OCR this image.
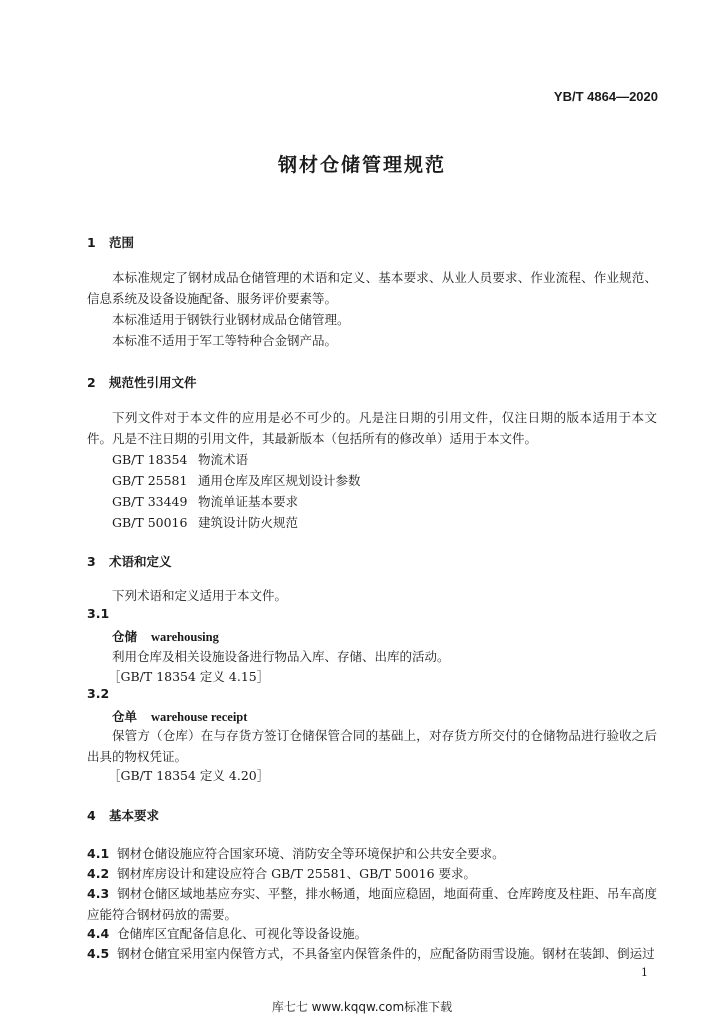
YB/T 4864—2020
钢材仓储管理规范
1 范围
本标准规定了钢材成品仓储管理的术语和定义、基本要求、从业人员要求、作业流程、作业规范、信息系统及设备设施配备、服务评价要素等。
本标准适用于钢铁行业钢材成品仓储管理。
本标准不适用于军工等特种合金钢产品。
2 规范性引用文件
下列文件对于本文件的应用是必不可少的。凡是注日期的引用文件，仅注日期的版本适用于本文件。凡是不注日期的引用文件，其最新版本（包括所有的修改单）适用于本文件。
GB/T 18354 物流术语
GB/T 25581 通用仓库及库区规划设计参数
GB/T 33449 物流单证基本要求
GB/T 50016 建筑设计防火规范
3 术语和定义
下列术语和定义适用于本文件。
3.1
仓储 warehousing
利用仓库及相关设施设备进行物品入库、存储、出库的活动。
［GB/T 18354 定义 4.15］
3.2
仓单 warehouse receipt
保管方（仓库）在与存货方签订仓储保管合同的基础上，对存货方所交付的仓储物品进行验收之后出具的物权凭证。
［GB/T 18354 定义 4.20］
4 基本要求
4.1 钢材仓储设施应符合国家环境、消防安全等环境保护和公共安全要求。
4.2 钢材库房设计和建设应符合 GB/T 25581、GB/T 50016 要求。
4.3 钢材仓储区域地基应夯实、平整，排水畅通，地面应稳固，地面荷重、仓库跨度及柱距、吊车高度应能符合钢材码放的需要。
4.4 仓储库区宜配备信息化、可视化等设备设施。
4.5 钢材仓储宜采用室内保管方式，不具备室内保管条件的，应配备防雨雪设施。钢材在装卸、倒运过
1
库七七 www.kqqw.com标准下载
